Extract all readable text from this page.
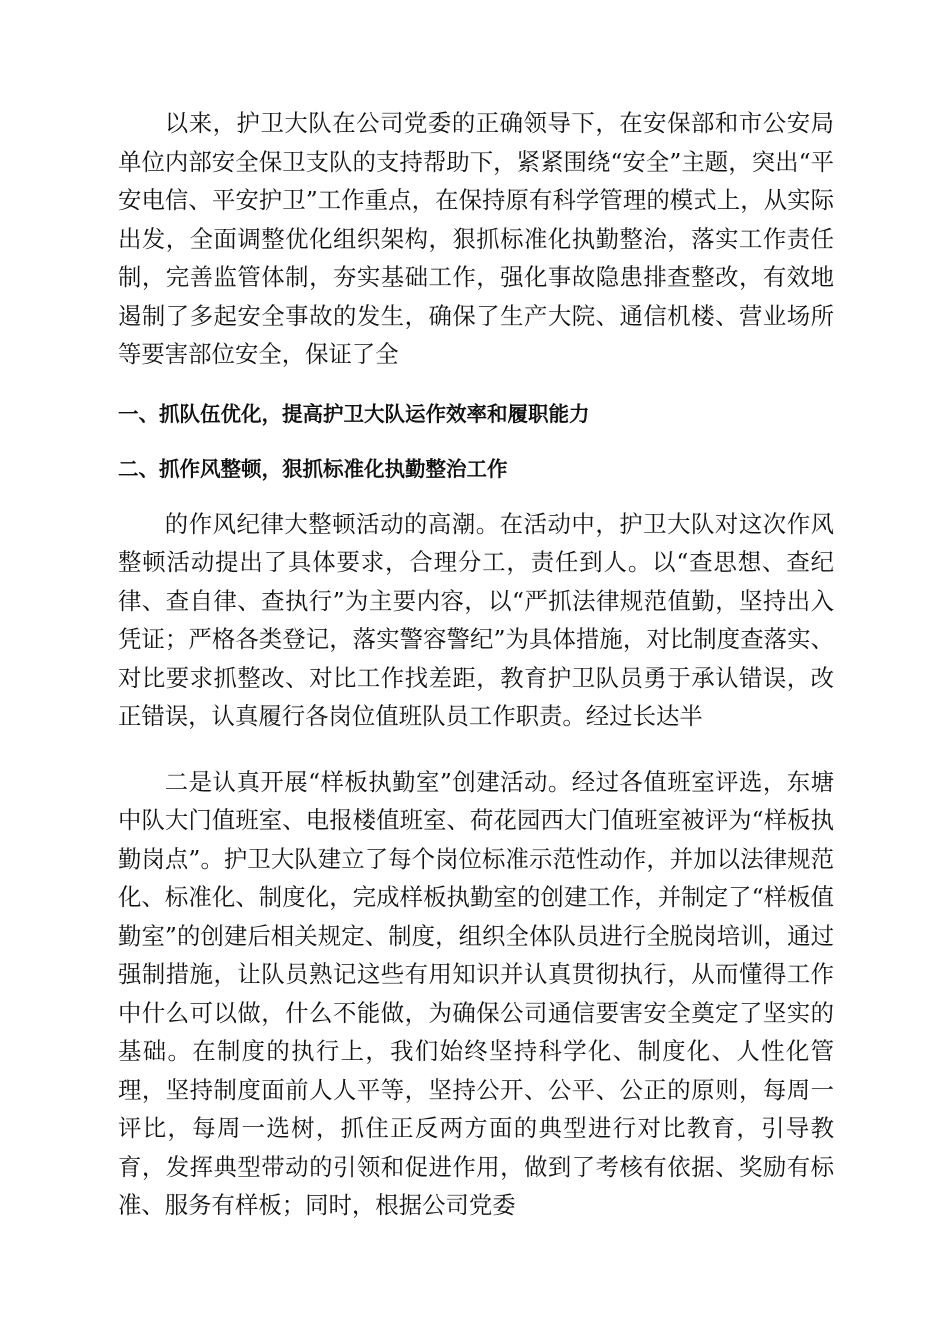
以来，护卫大队在公司党委的正确领导下，在安保部和市公安局单位内部安全保卫支队的支持帮助下，紧紧围绕“安全”主题，突出“平安电信、平安护卫”工作重点，在保持原有科学管理的模式上，从实际出发，全面调整优化组织架构，狠抓标准化执勤整治，落实工作责任制，完善监管体制，夯实基础工作，强化事故隐患排查整改，有效地遏制了多起安全事故的发生，确保了生产大院、通信机楼、营业场所等要害部位安全，保证了全

一、抓队伍优化，提高护卫大队运作效率和履职能力

二、抓作风整顿，狠抓标准化执勤整治工作

的作风纪律大整顿活动的高潮。在活动中，护卫大队对这次作风整顿活动提出了具体要求，合理分工，责任到人。以“查思想、查纪律、查自律、查执行”为主要内容，以“严抓法律规范值勤，坚持出入凭证；严格各类登记，落实警容警纪”为具体措施，对比制度查落实、对比要求抓整改、对比工作找差距，教育护卫队员勇于承认错误，改正错误，认真履行各岗位值班队员工作职责。经过长达半

二是认真开展“样板执勤室”创建活动。经过各值班室评选，东塘中队大门值班室、电报楼值班室、荷花园西大门值班室被评为“样板执勤岗点”。护卫大队建立了每个岗位标准示范性动作，并加以法律规范化、标准化、制度化，完成样板执勤室的创建工作，并制定了“样板值勤室”的创建后相关规定、制度，组织全体队员进行全脱岗培训，通过强制措施，让队员熟记这些有用知识并认真贯彻执行，从而懂得工作中什么可以做，什么不能做，为确保公司通信要害安全奠定了坚实的基础。在制度的执行上，我们始终坚持科学化、制度化、人性化管理，坚持制度面前人人平等，坚持公开、公平、公正的原则，每周一评比，每周一选树，抓住正反两方面的典型进行对比教育，引导教育，发挥典型带动的引领和促进作用，做到了考核有依据、奖励有标准、服务有样板；同时，根据公司党委
